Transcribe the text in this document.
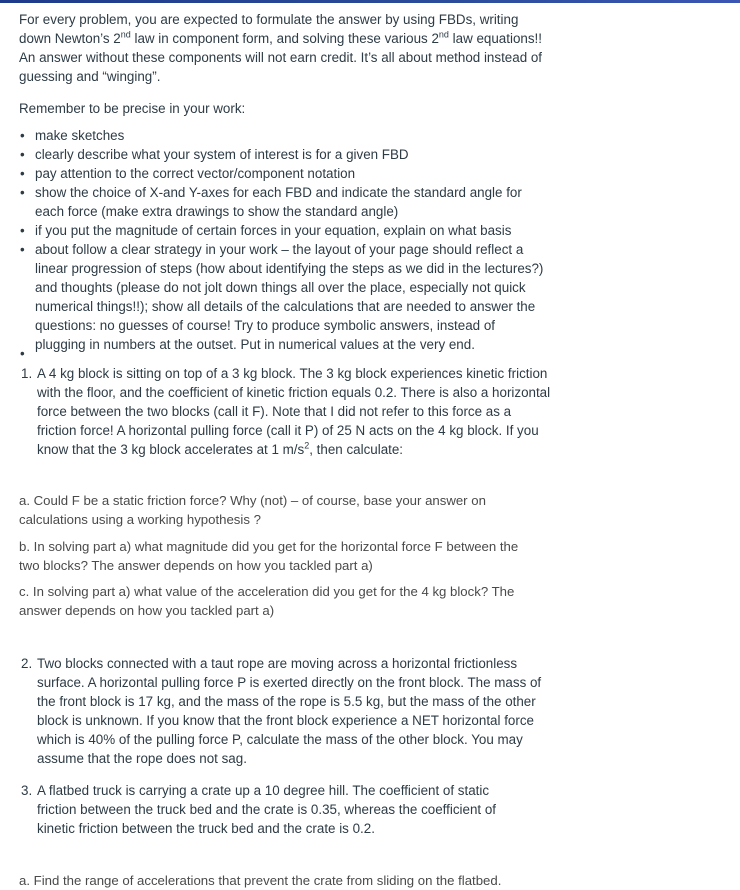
For every problem, you are expected to formulate the answer by using FBDs, writing down Newton’s 2nd law in component form, and solving these various 2nd law equations!! An answer without these components will not earn credit. It’s all about method instead of guessing and “winging”.

Remember to be precise in your work:

• make sketches
• clearly describe what your system of interest is for a given FBD
• pay attention to the correct vector/component notation
• show the choice of X-and Y-axes for each FBD and indicate the standard angle for each force (make extra drawings to show the standard angle)
• if you put the magnitude of certain forces in your equation, explain on what basis
• about follow a clear strategy in your work – the layout of your page should reflect a linear progression of steps (how about identifying the steps as we did in the lectures?) and thoughts (please do not jolt down things all over the place, especially not quick numerical things!!); show all details of the calculations that are needed to answer the questions: no guesses of course! Try to produce symbolic answers, instead of plugging in numbers at the outset. Put in numerical values at the very end.
•
1. A 4 kg block is sitting on top of a 3 kg block. The 3 kg block experiences kinetic friction with the floor, and the coefficient of kinetic friction equals 0.2. There is also a horizontal force between the two blocks (call it F). Note that I did not refer to this force as a friction force! A horizontal pulling force (call it P) of 25 N acts on the 4 kg block. If you know that the 3 kg block accelerates at 1 $m/s^2$, then calculate:

a. Could F be a static friction force? Why (not) – of course, base your answer on calculations using a working hypothesis ?
b. In solving part a) what magnitude did you get for the horizontal force F between the two blocks? The answer depends on how you tackled part a)
c. In solving part a) what value of the acceleration did you get for the 4 kg block? The answer depends on how you tackled part a)
2. Two blocks connected with a taut rope are moving across a horizontal frictionless surface. A horizontal pulling force P is exerted directly on the front block. The mass of the front block is 17 kg, and the mass of the rope is 5.5 kg, but the mass of the other block is unknown. If you know that the front block experience a NET horizontal force which is 40% of the pulling force P, calculate the mass of the other block. You may assume that the rope does not sag.

3. A flatbed truck is carrying a crate up a 10 degree hill. The coefficient of static friction between the truck bed and the crate is 0.35, whereas the coefficient of kinetic friction between the truck bed and the crate is 0.2.

a. Find the range of accelerations that prevent the crate from sliding on the flatbed.
